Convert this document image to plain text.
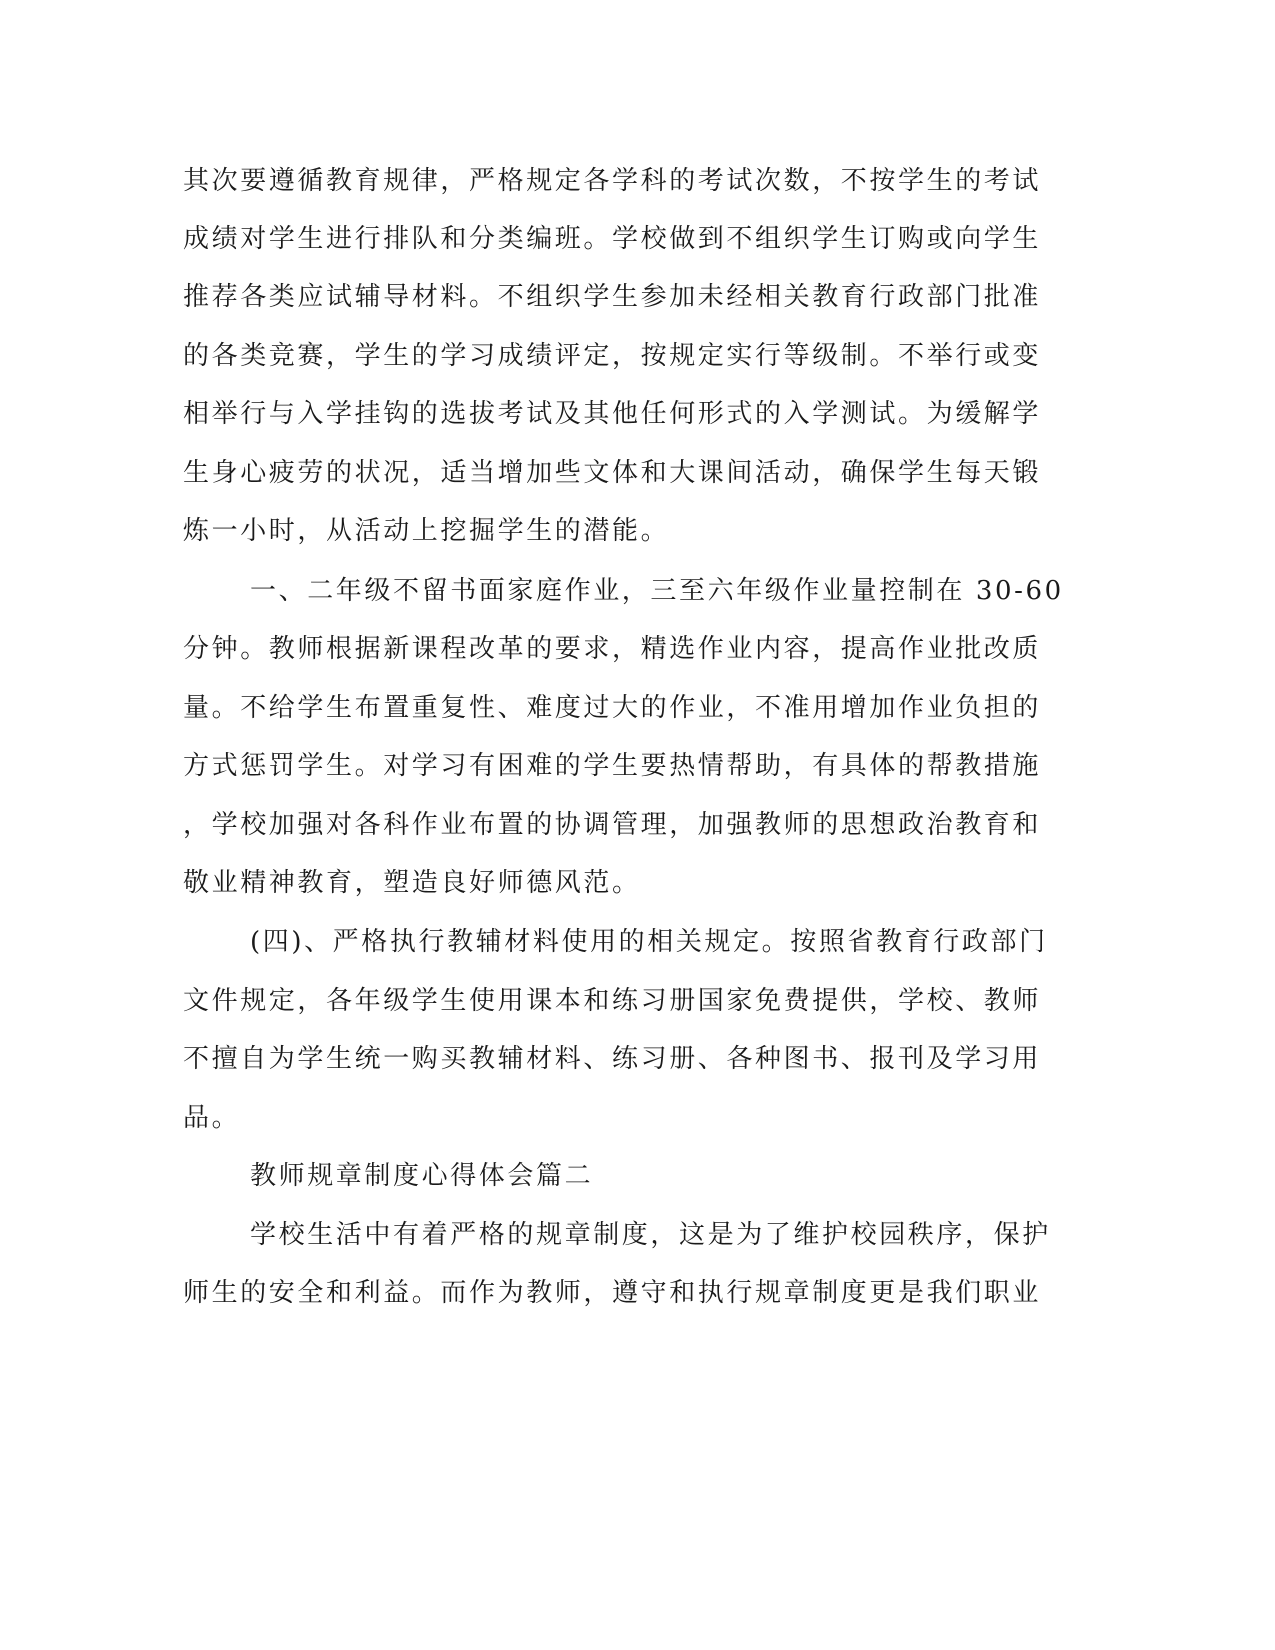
其次要遵循教育规律，严格规定各学科的考试次数，不按学生的考试

成绩对学生进行排队和分类编班。学校做到不组织学生订购或向学生

推荐各类应试辅导材料。不组织学生参加未经相关教育行政部门批准

的各类竞赛，学生的学习成绩评定，按规定实行等级制。不举行或变

相举行与入学挂钩的选拔考试及其他任何形式的入学测试。为缓解学

生身心疲劳的状况，适当增加些文体和大课间活动，确保学生每天锻

炼一小时，从活动上挖掘学生的潜能。

一、二年级不留书面家庭作业，三至六年级作业量控制在 30-60

分钟。教师根据新课程改革的要求，精选作业内容，提高作业批改质

量。不给学生布置重复性、难度过大的作业，不准用增加作业负担的

方式惩罚学生。对学习有困难的学生要热情帮助，有具体的帮教措施

，学校加强对各科作业布置的协调管理，加强教师的思想政治教育和

敬业精神教育，塑造良好师德风范。

(四)、严格执行教辅材料使用的相关规定。按照省教育行政部门

文件规定，各年级学生使用课本和练习册国家免费提供，学校、教师

不擅自为学生统一购买教辅材料、练习册、各种图书、报刊及学习用

品。

教师规章制度心得体会篇二

学校生活中有着严格的规章制度，这是为了维护校园秩序，保护

师生的安全和利益。而作为教师，遵守和执行规章制度更是我们职业
